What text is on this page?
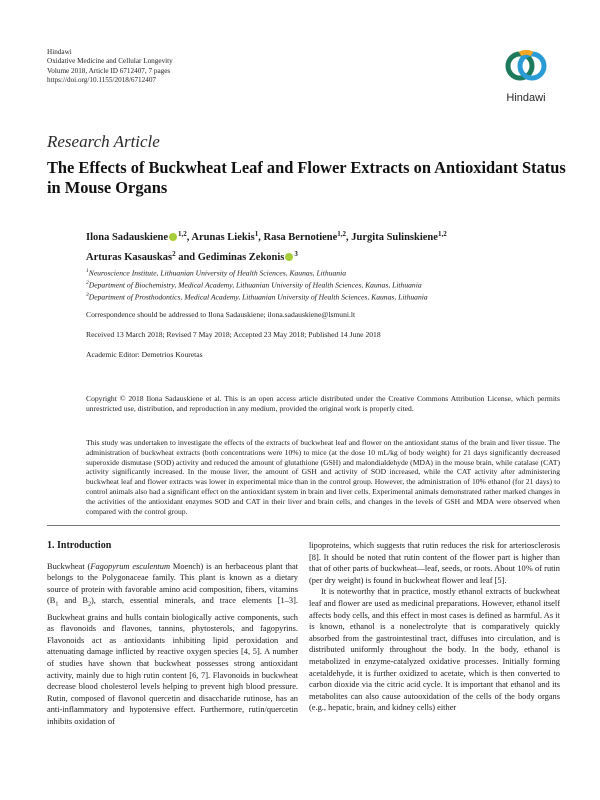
Hindawi
Oxidative Medicine and Cellular Longevity
Volume 2018, Article ID 6712407, 7 pages
https://doi.org/10.1155/2018/6712407
Hindawi
Research Article
The Effects of Buckwheat Leaf and Flower Extracts on Antioxidant Status in Mouse Organs
Ilona Sadauskiene $^{1,2}$, Arunas Liekis$^1$, Rasa Bernotiene$^{1,2}$, Jurgita Sulinskiene$^{1,2}$
Arturas Kasauskas$^2$ and Gediminas Zekonis $^3$
$^1$Neuroscience Institute, Lithuanian University of Health Sciences, Kaunas, Lithuania
$^2$Department of Biochemistry, Medical Academy, Lithuanian University of Health Sciences, Kaunas, Lithuania
$^3$Department of Prosthodontics, Medical Academy, Lithuanian University of Health Sciences, Kaunas, Lithuania
Correspondence should be addressed to Ilona Sadauskiene; ilona.sadauskiene@lsmuni.lt
Received 13 March 2018; Revised 7 May 2018; Accepted 23 May 2018; Published 14 June 2018
Academic Editor: Demetrios Kouretas
Copyright © 2018 Ilona Sadauskiene et al. This is an open access article distributed under the Creative Commons Attribution License, which permits unrestricted use, distribution, and reproduction in any medium, provided the original work is properly cited.
This study was undertaken to investigate the effects of the extracts of buckwheat leaf and flower on the antioxidant status of the brain and liver tissue. The administration of buckwheat extracts (both concentrations were 10%) to mice (at the dose 10 mL/kg of body weight) for 21 days significantly decreased superoxide dismutase (SOD) activity and reduced the amount of glutathione (GSH) and malondialdehyde (MDA) in the mouse brain, while catalase (CAT) activity significantly increased. In the mouse liver, the amount of GSH and activity of SOD increased, while the CAT activity after administering buckwheat leaf and flower extracts was lower in experimental mice than in the control group. However, the administration of 10% ethanol (for 21 days) to control animals also had a significant effect on the antioxidant system in brain and liver cells. Experimental animals demonstrated rather marked changes in the activities of the antioxidant enzymes SOD and CAT in their liver and brain cells, and changes in the levels of GSH and MDA were observed when compared with the control group.

1. Introduction

Buckwheat (Fagopyrum esculentum Moench) is an herbaceous plant that belongs to the Polygonaceae family. This plant is known as a dietary source of protein with favorable amino acid composition, fibers, vitamins ($B_1$ and $B_2$), starch, essential minerals, and trace elements [1–3]. Buckwheat grains and hulls contain biologically active components, such as flavonoids and flavones, tannins, phytosterols, and fagopyrins. Flavonoids act as antioxidants inhibiting lipid peroxidation and attenuating damage inflicted by reactive oxygen species [4, 5]. A number of studies have shown that buckwheat possesses strong antioxidant activity, mainly due to high rutin content [6, 7]. Flavonoids in buckwheat decrease blood cholesterol levels helping to prevent high blood pressure. Rutin, composed of flavonol quercetin and disaccharide rutinose, has an anti-inflammatory and hypotensive effect. Furthermore, rutin/quercetin inhibits oxidation of

lipoproteins, which suggests that rutin reduces the risk for arteriosclerosis [8]. It should be noted that rutin content of the flower part is higher than that of other parts of buckwheat—leaf, seeds, or roots. About 10% of rutin (per dry weight) is found in buckwheat flower and leaf [5].

It is noteworthy that in practice, mostly ethanol extracts of buckwheat leaf and flower are used as medicinal preparations. However, ethanol itself affects body cells, and this effect in most cases is defined as harmful. As it is known, ethanol is a nonelectrolyte that is comparatively quickly absorbed from the gastrointestinal tract, diffuses into circulation, and is distributed uniformly throughout the body. In the body, ethanol is metabolized in enzyme-catalyzed oxidative processes. Initially forming acetaldehyde, it is further oxidized to acetate, which is then converted to carbon dioxide via the citric acid cycle. It is important that ethanol and its metabolites can also cause autooxidation of the cells of the body organs (e.g., hepatic, brain, and kidney cells) either
